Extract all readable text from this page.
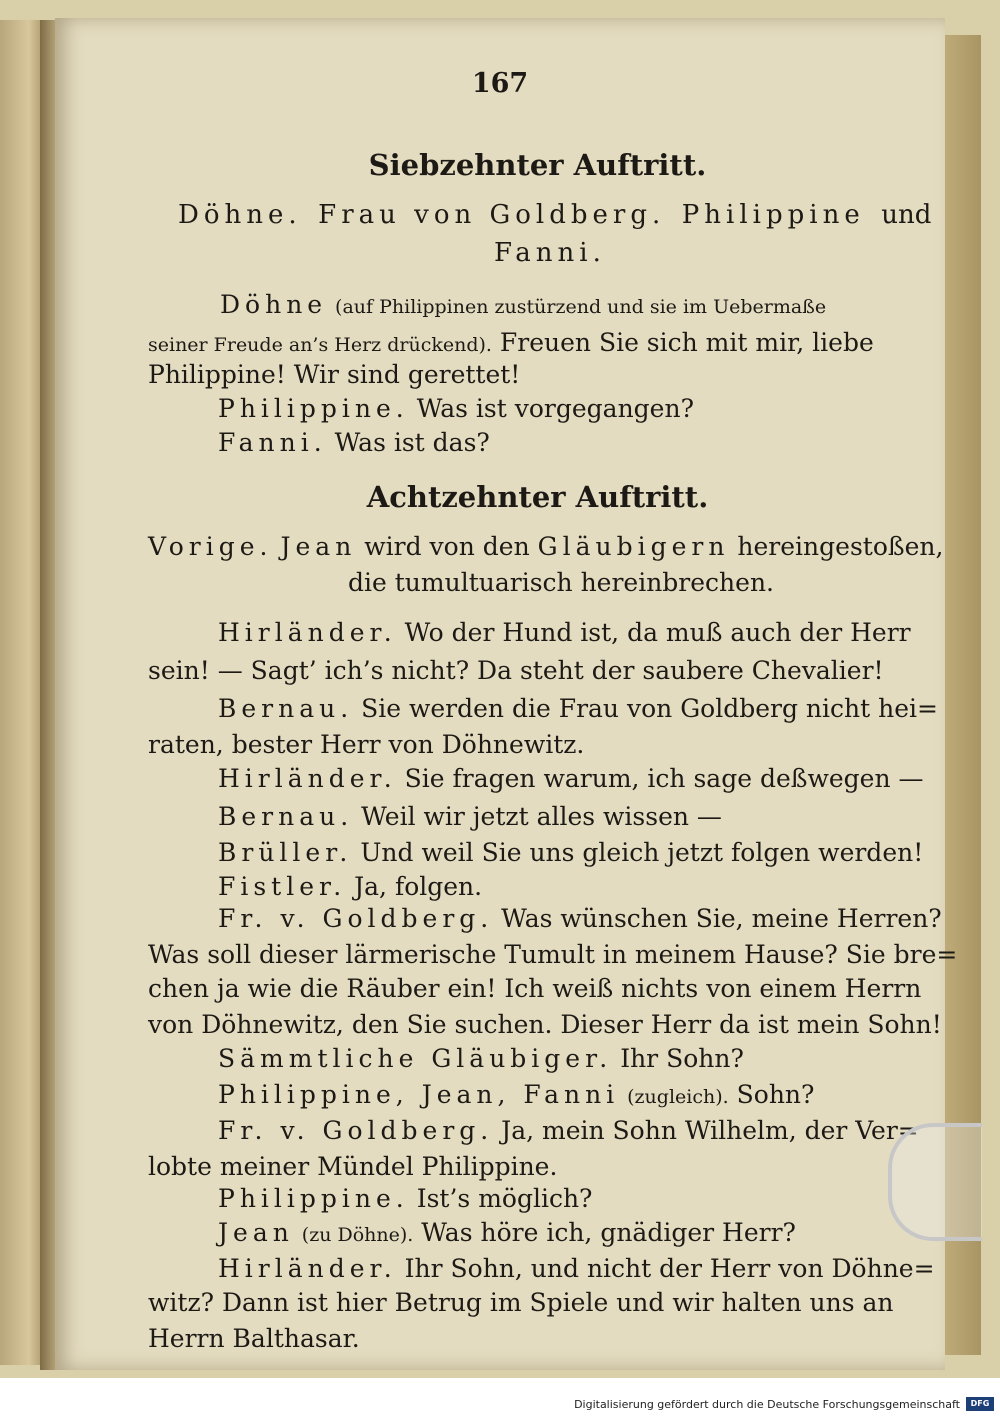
167
Siebzehnter Auftritt.
Döhne. Frau von Goldberg. Philippine und
Fanni.
Döhne (auf Philippinen zustürzend und sie im Uebermaße
seiner Freude an’s Herz drückend). Freuen Sie sich mit mir, liebe
Philippine! Wir sind gerettet!
Philippine. Was ist vorgegangen?
Fanni. Was ist das?
Achtzehnter Auftritt.
Vorige. Jean wird von den Gläubigern hereingestoßen,
die tumultuarisch hereinbrechen.
Hirländer. Wo der Hund ist, da muß auch der Herr
sein! — Sagt’ ich’s nicht? Da steht der saubere Chevalier!
Bernau. Sie werden die Frau von Goldberg nicht hei=
raten, bester Herr von Döhnewitz.
Hirländer. Sie fragen warum, ich sage deßwegen —
Bernau. Weil wir jetzt alles wissen —
Brüller. Und weil Sie uns gleich jetzt folgen werden!
Fistler. Ja, folgen.
Fr. v. Goldberg. Was wünschen Sie, meine Herren?
Was soll dieser lärmerische Tumult in meinem Hause? Sie bre=
chen ja wie die Räuber ein! Ich weiß nichts von einem Herrn
von Döhnewitz, den Sie suchen. Dieser Herr da ist mein Sohn!
Sämmtliche Gläubiger. Ihr Sohn?
Philippine, Jean, Fanni (zugleich). Sohn?
Fr. v. Goldberg. Ja, mein Sohn Wilhelm, der Ver=
lobte meiner Mündel Philippine.
Philippine. Ist’s möglich?
Jean (zu Döhne). Was höre ich, gnädiger Herr?
Hirländer. Ihr Sohn, und nicht der Herr von Döhne=
witz? Dann ist hier Betrug im Spiele und wir halten uns an
Herrn Balthasar.
Digitalisierung gefördert durch die Deutsche Forschungsgemeinschaft	DFG
